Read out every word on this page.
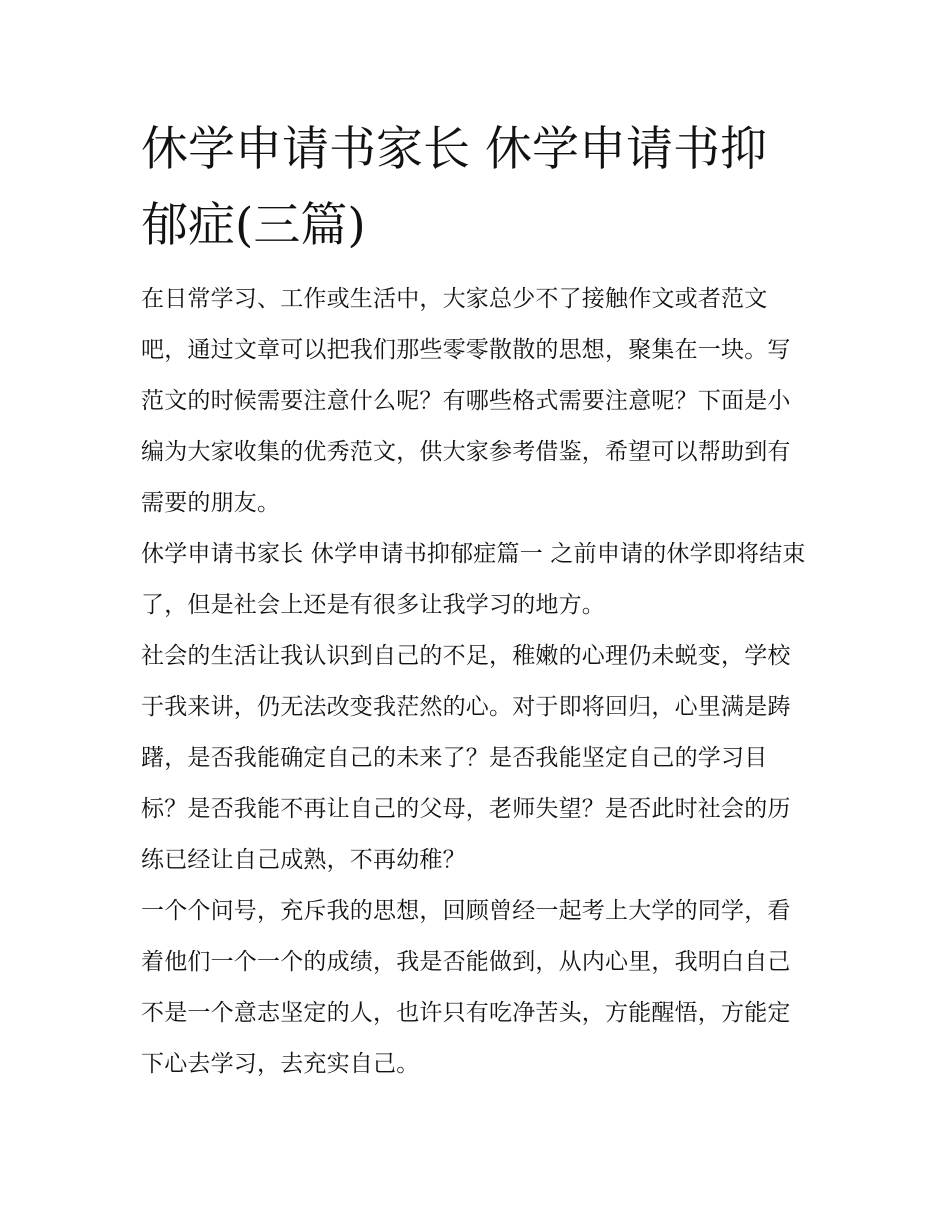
休学申请书家长 休学申请书抑郁症(三篇)

在日常学习、工作或生活中，大家总少不了接触作文或者范文吧，通过文章可以把我们那些零零散散的思想，聚集在一块。写范文的时候需要注意什么呢？有哪些格式需要注意呢？下面是小编为大家收集的优秀范文，供大家参考借鉴，希望可以帮助到有需要的朋友。

休学申请书家长 休学申请书抑郁症篇一 之前申请的休学即将结束了，但是社会上还是有很多让我学习的地方。

社会的生活让我认识到自己的不足，稚嫩的心理仍未蜕变，学校于我来讲，仍无法改变我茫然的心。对于即将回归，心里满是踌躇，是否我能确定自己的未来了？是否我能坚定自己的学习目标？是否我能不再让自己的父母，老师失望？是否此时社会的历练已经让自己成熟，不再幼稚？

一个个问号，充斥我的思想，回顾曾经一起考上大学的同学，看着他们一个一个的成绩，我是否能做到，从内心里，我明白自己不是一个意志坚定的人，也许只有吃净苦头，方能醒悟，方能定下心去学习，去充实自己。
